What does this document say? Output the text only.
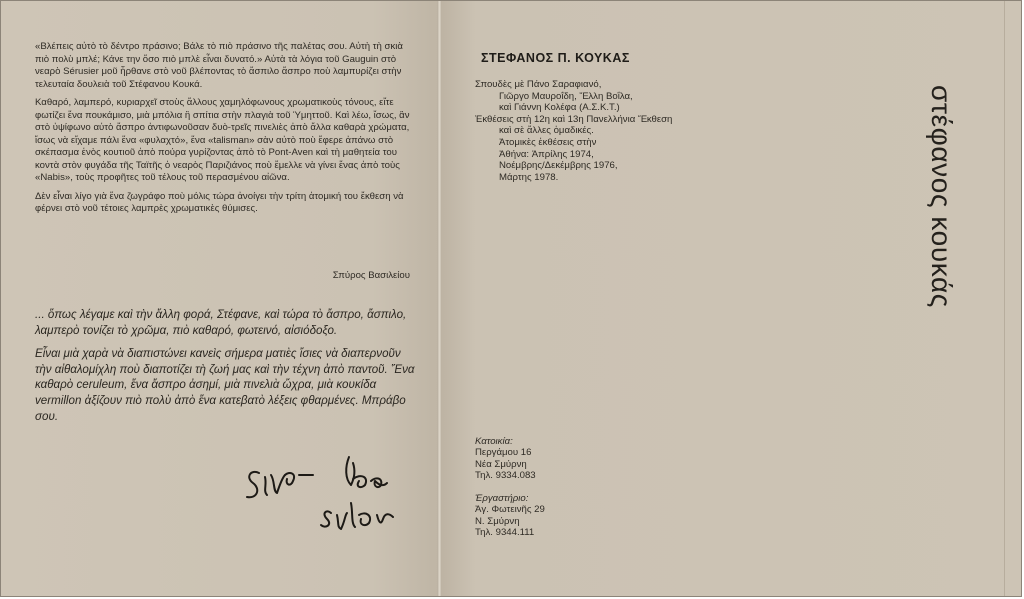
«Βλέπεις αὐτὸ τὸ δέντρο πράσινο; Βάλε τὸ πιὸ πράσινο τῆς παλέτας σου. Αὐτὴ τὴ σκιὰ πιὸ πολὺ μπλέ; Κάνε την ὅσο πιὸ μπλὲ εἶναι δυνατό.» Αὐτὰ τὰ λόγια τοῦ Gauguin στὸ νεαρὸ Sérusier μοῦ ἦρθανε στὸ νοῦ βλέποντας τὸ ἄσπιλο ἄσπρο ποὺ λαμπυρίζει στὴν τελευταία δουλειὰ τοῦ Στέφανου Κουκά.

Καθαρό, λαμπερό, κυριαρχεῖ στοὺς ἄλλους χαμηλόφωνους χρωματικοὺς τόνους, εἴτε φωτίζει ἕνα πουκάμισο, μιὰ μπόλια ἢ σπίτια στὴν πλαγιὰ τοῦ Ὑμηττοῦ. Καὶ λέω, ἴσως, ἂν στὸ ὑψίφωνο αὐτὸ ἄσπρο ἀντιφωνοῦσαν δυὸ-τρεῖς πινελιὲς ἀπὸ ἄλλα καθαρὰ χρώματα, ἴσως νὰ εἴχαμε πάλι ἕνα «φυλαχτό», ἕνα «talisman» σὰν αὐτὸ ποὺ ἔφερε ἀπάνω στὸ σκέπασμα ἑνὸς κουτιοῦ ἀπὸ πούρα γυρίζοντας ἀπὸ τὸ Pont-Aven καὶ τὴ μαθητεία του κοντὰ στὸν φυγάδα τῆς Ταϊτῆς ὁ νεαρὸς Παριζιάνος ποὺ ἔμελλε νὰ γίνει ἕνας ἀπὸ τοὺς «Nabis», τοὺς προφῆτες τοῦ τέλους τοῦ περασμένου αἰῶνα.

Δὲν εἶναι λίγο γιὰ ἕνα ζωγράφο ποὺ μόλις τώρα ἀνοίγει τὴν τρίτη ἀτομική του ἔκθεση νὰ φέρνει στὸ νοῦ τέτοιες λαμπρὲς χρωματικὲς θύμισες.

Σπύρος Βασιλείου

... ὅπως λέγαμε καὶ τὴν ἄλλη φορά, Στέφανε, καὶ τώρα τὸ ἄσπρο, ἄσπιλο, λαμπερὸ τονίζει τὸ χρῶμα, πιὸ καθαρό, φωτεινό, αἰσιόδοξο.

Εἶναι μιὰ χαρὰ νὰ διαπιστώνει κανεὶς σήμερα ματιὲς ἴσιες νὰ διαπερνοῦν τὴν αἰθαλομίχλη ποὺ διαποτίζει τὴ ζωή μας καὶ τὴν τέχνη ἀπὸ παντοῦ. Ἕνα καθαρὸ ceruleum, ἕνα ἄσπρο ἀσημί, μιὰ πινελιὰ ὤχρα, μιὰ κουκίδα vermillon ἀξίζουν πιὸ πολὺ ἀπὸ ἕνα κατεβατὸ λέξεις φθαρμένες. Μπράβο σου.

ΣΤΕΦΑΝΟΣ Π. ΚΟΥΚΑΣ
Σπουδὲς μὲ Πάνο Σαραφιανό,
Γιῶργο Μαυροΐδη, Ἔλλη Βοΐλα,
καὶ Γιάννη Κολέφα (Α.Σ.Κ.Τ.)
Ἐκθέσεις στὴ 12η καὶ 13η Πανελλήνια Ἔκθεση
καὶ σὲ ἄλλες ὁμαδικές.
Ἀτομικὲς ἐκθέσεις στὴν
Ἀθήνα: Ἀπρίλης 1974,
Νοέμβρης/Δεκέμβρης 1976,
Μάρτης 1978.
Κατοικία:
Περγάμου 16
Νέα Σμύρνη
Τηλ. 9334.083
Ἐργαστήριο:
Ἀγ. Φωτεινῆς 29
Ν. Σμύρνη
Τηλ. 9344.111
στέφανος κουκάς
